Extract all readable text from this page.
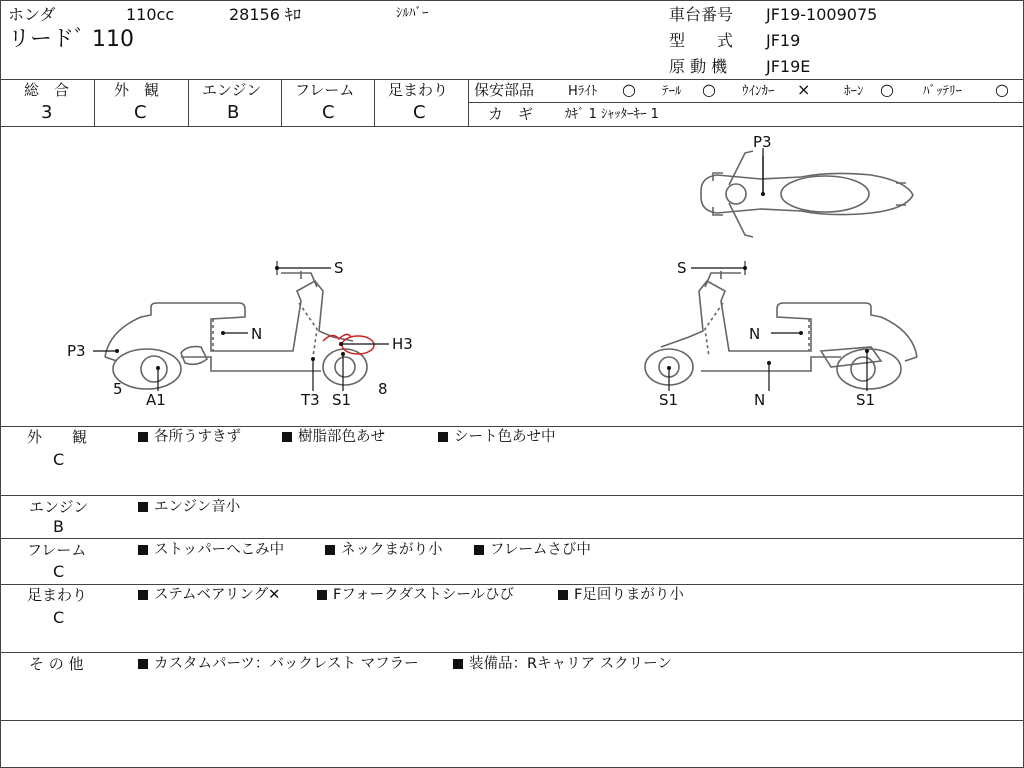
ホンダ	110cc	28156 ｷﾛ	ｼﾙﾊﾞｰ
リードﾞ 110
車台番号 JF19-1009075
型　　式 JF19
原 動 機 JF19E
総　合
3
外　観
C
エンジン
B
フレーム
C
足まわり
C
保安部品	Hﾗｲﾄ ○ ﾃｰﾙ ○ ｳｲﾝｶｰ ×	ﾎｰﾝ ○ ﾊﾞｯﾃﾘｰ ○
カ　ギ ｶｷﾞ 1 ｼｬｯﾀｰｷｰ 1
P3
S
N
H3
P3
5
A1	T3 S1
8
S
N
S1	N	S1
外　　観
C
各所うすきず	樹脂部色あせ	シート色あせ中
エンジン
B
エンジン音小
フレーム
C
ストッパーへこみ中	ネックまがり小	フレームさび中
足まわり
C
ステムベアリング✕	Fフォークダストシールひび	F足回りまがり小
そ の 他	カスタムパーツ：バックレスト マフラー	装備品：Rキャリア スクリーン
